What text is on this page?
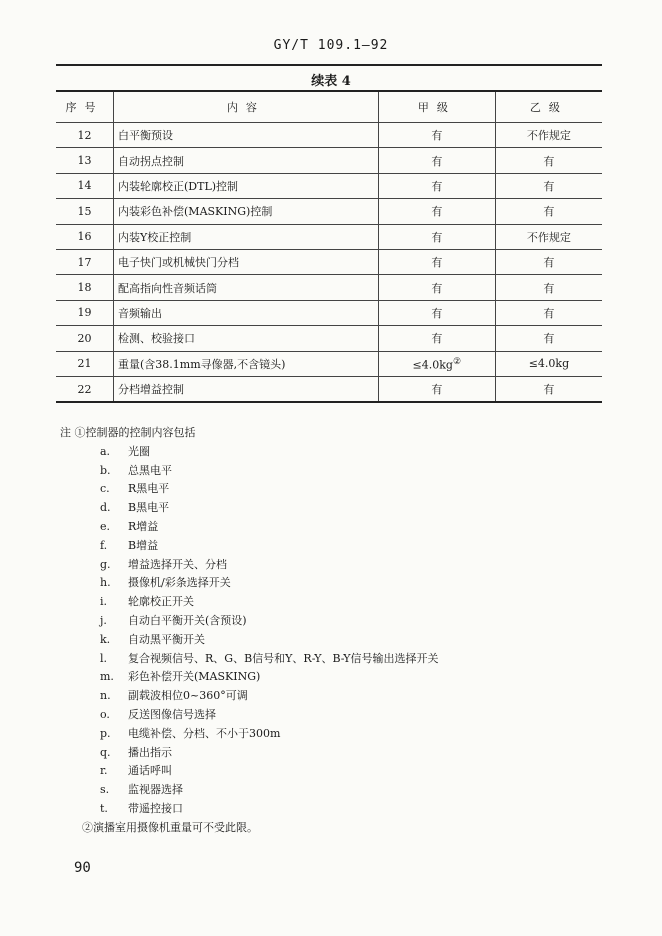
GY/T 109.1—92
续表 4
序号	内容	甲级	乙级
12	白平衡预设	有	不作规定
13	自动拐点控制	有	有
14	内装轮廓校正(DTL)控制	有	有
15	内装彩色补偿(MASKING)控制	有	有
16	内装Y校正控制	有	不作规定
17	电子快门或机械快门分档	有	有
18	配高指向性音频话筒	有	有
19	音频输出	有	有
20	检测、校验接口	有	有
21	重量(含38.1mm寻像器,不含镜头)	≤4.0kg②	≤4.0kg
22	分档增益控制	有	有
注 ①控制器的控制内容包括
a.	光圈
b.	总黑电平
c.	R黑电平
d.	B黑电平
e.	R增益
f.	B增益
g.	增益选择开关、分档
h.	摄像机/彩条选择开关
i.	轮廓校正开关
j.	自动白平衡开关(含预设)
k.	自动黑平衡开关
l.	复合视频信号、R、G、B信号和Y、R-Y、B-Y信号输出选择开关
m.	彩色补偿开关(MASKING)
n.	副载波相位0~360°可调
o.	反送图像信号选择
p.	电缆补偿、分档、不小于300m
q.	播出指示
r.	通话呼叫
s.	监视器选择
t.	带遥控接口
②演播室用摄像机重量可不受此限。
90
